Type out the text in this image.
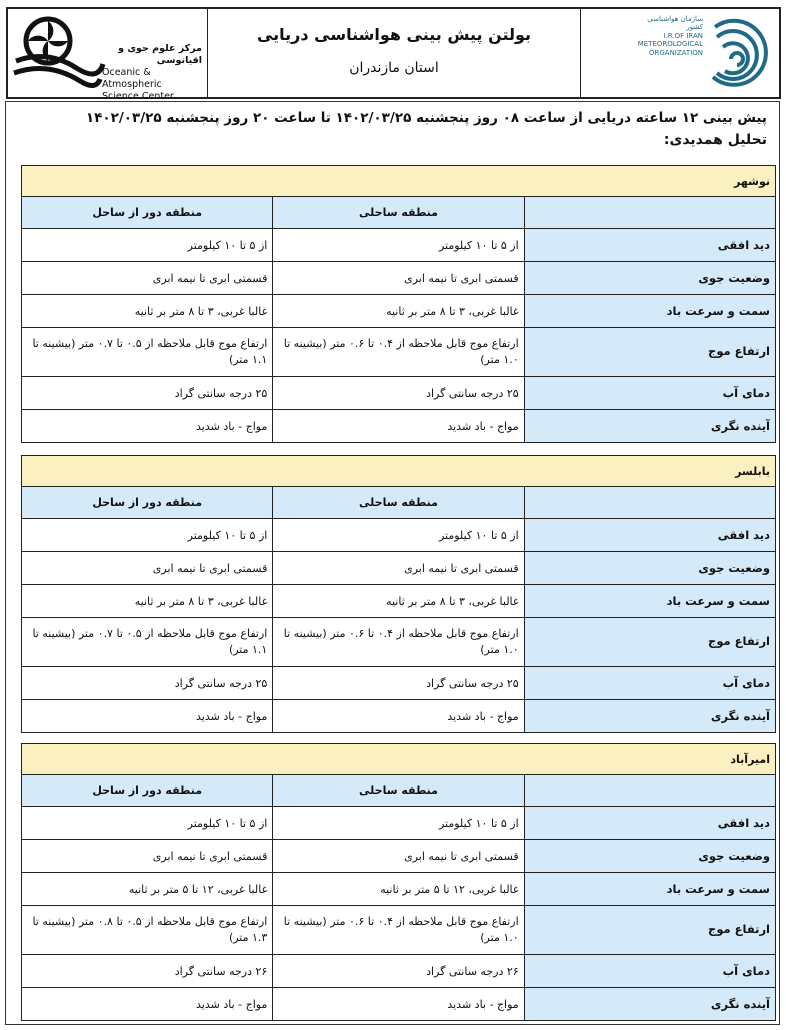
مرکز علوم جوی و اقیانوسی
Oceanic & Atmospheric
Science Center
بولتن پیش بینی هواشناسی دریایی
استان مازندران
سازمان هواشناسی کشور
I.R.OF IRAN
METEOROLOGICAL
ORGANIZATION
پیش بینی ۱۲ ساعته دریایی از ساعت ۰۸ روز پنجشنبه ۱۴۰۲/۰۳/۲۵ تا ساعت ۲۰ روز پنجشنبه ۱۴۰۲/۰۳/۲۵
تحلیل همدیدی:
نوشهر		
	منطقه ساحلی	منطقه دور از ساحل
دید افقی	از ۵ تا ۱۰ کیلومتر	از ۵ تا ۱۰ کیلومتر
وضعیت جوی	قسمتی ابری تا نیمه ابری	قسمتی ابری تا نیمه ابری
سمت و سرعت باد	غالبا غربی، ۳ تا ۸ متر بر ثانیه	غالبا غربی، ۳ تا ۸ متر بر ثانیه
ارتفاع موج	ارتفاع موج قابل ملاحظه از ۰.۴ تا ۰.۶ متر (بیشینه تا ۱.۰ متر)	ارتفاع موج قابل ملاحظه از ۰.۵ تا ۰.۷ متر (بیشینه تا ۱.۱ متر)
دمای آب	۲۵ درجه سانتی گراد	۲۵ درجه سانتی گراد
آینده نگری	مواج - باد شدید	مواج - باد شدید
بابلسر		
	منطقه ساحلی	منطقه دور از ساحل
دید افقی	از ۵ تا ۱۰ کیلومتر	از ۵ تا ۱۰ کیلومتر
وضعیت جوی	قسمتی ابری تا نیمه ابری	قسمتی ابری تا نیمه ابری
سمت و سرعت باد	غالبا غربی، ۳ تا ۸ متر بر ثانیه	غالبا غربی، ۳ تا ۸ متر بر ثانیه
ارتفاع موج	ارتفاع موج قابل ملاحظه از ۰.۴ تا ۰.۶ متر (بیشینه تا ۱.۰ متر)	ارتفاع موج قابل ملاحظه از ۰.۵ تا ۰.۷ متر (بیشینه تا ۱.۱ متر)
دمای آب	۲۵ درجه سانتی گراد	۲۵ درجه سانتی گراد
آینده نگری	مواج - باد شدید	مواج - باد شدید
امیرآباد		
	منطقه ساحلی	منطقه دور از ساحل
دید افقی	از ۵ تا ۱۰ کیلومتر	از ۵ تا ۱۰ کیلومتر
وضعیت جوی	قسمتی ابری تا نیمه ابری	قسمتی ابری تا نیمه ابری
سمت و سرعت باد	غالبا غربی، ۱۲ تا ۵ متر بر ثانیه	غالبا غربی، ۱۲ تا ۵ متر بر ثانیه
ارتفاع موج	ارتفاع موج قابل ملاحظه از ۰.۴ تا ۰.۶ متر (بیشینه تا ۱.۰ متر)	ارتفاع موج قابل ملاحظه از ۰.۵ تا ۰.۸ متر (بیشینه تا ۱.۳ متر)
دمای آب	۲۶ درجه سانتی گراد	۲۶ درجه سانتی گراد
آینده نگری	مواج - باد شدید	مواج - باد شدید
